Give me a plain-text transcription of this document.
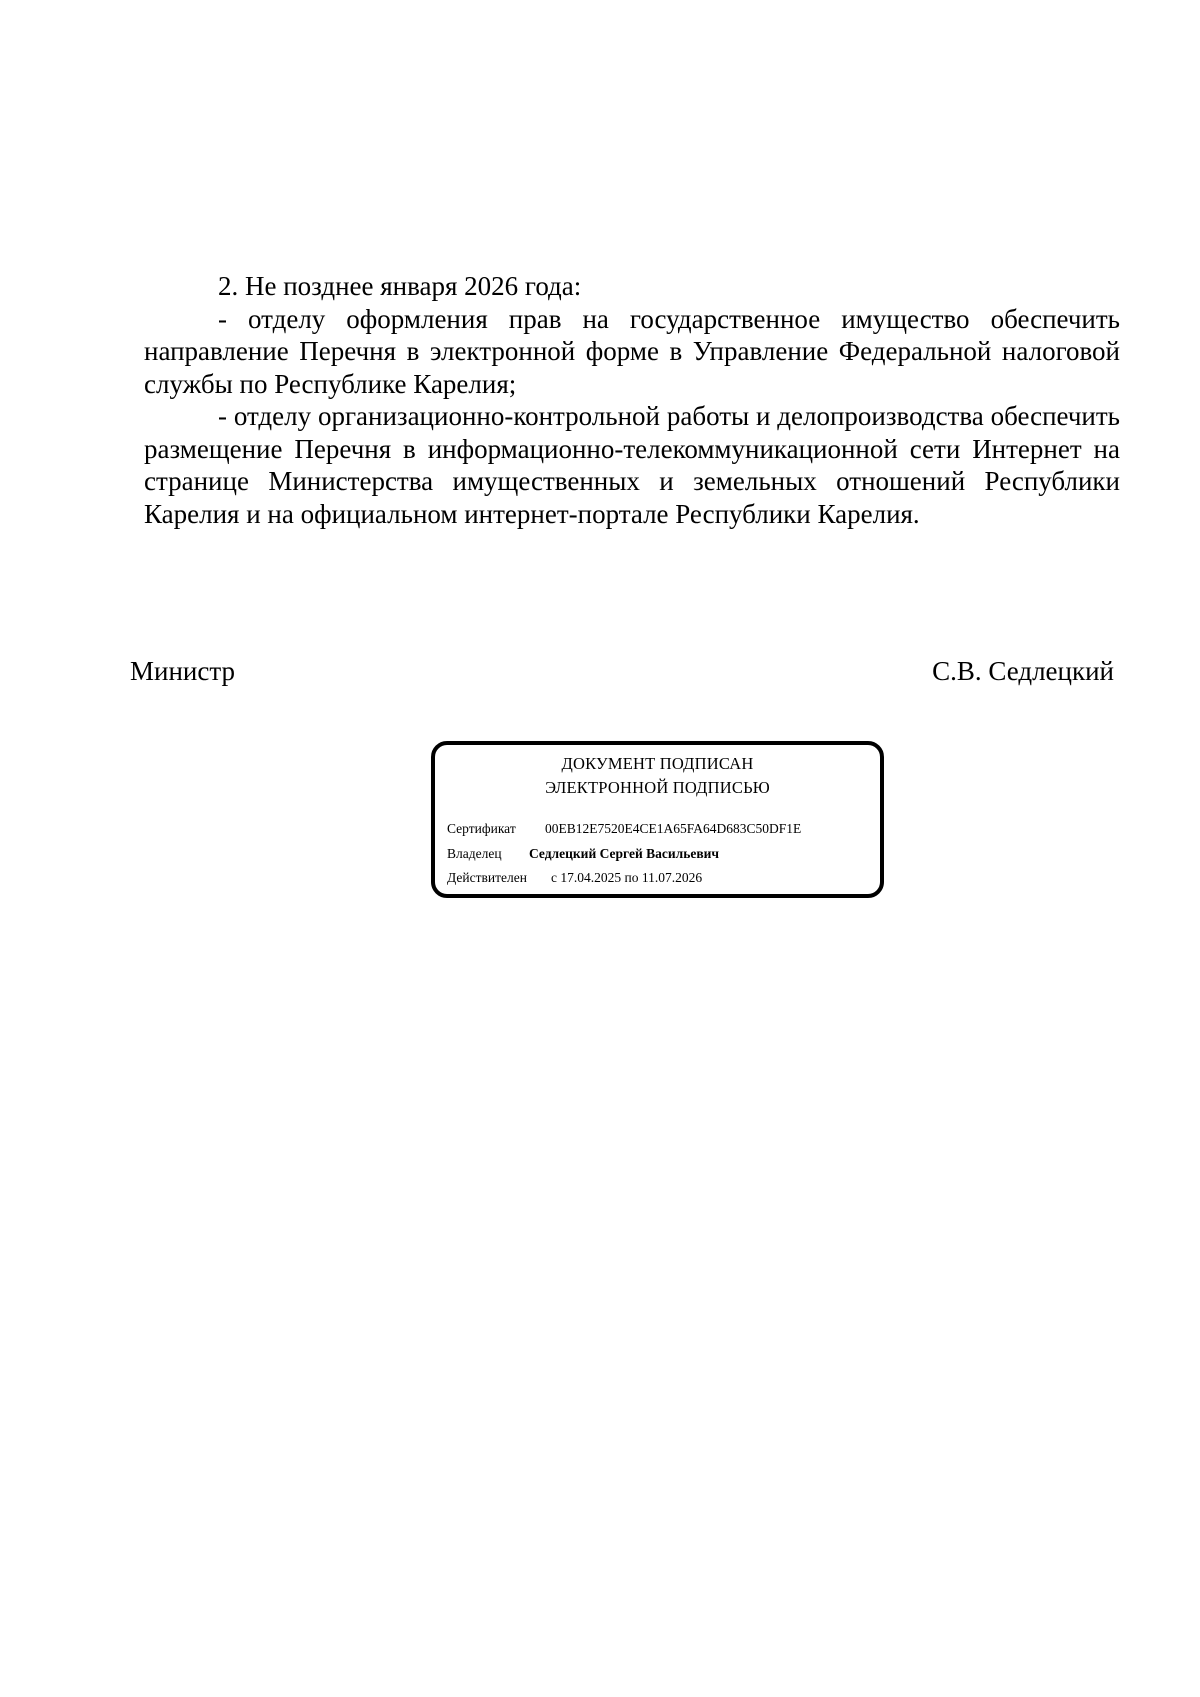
2. Не позднее января 2026 года:

- отделу оформления прав на государственное имущество обеспечить направление Перечня в электронной форме в Управление Федеральной налоговой службы по Республике Карелия;

- отделу организационно-контрольной работы и делопроизводства обеспечить размещение Перечня в информационно-телекоммуникационной сети Интернет на странице Министерства имущественных и земельных отношений Республики Карелия и на официальном интернет-портале Республики Карелия.

Министр	С.В. Седлецкий
ДОКУМЕНТ ПОДПИСАН
ЭЛЕКТРОННОЙ ПОДПИСЬЮ
Сертификат 00EB12E7520E4CE1A65FA64D683C50DF1E
Владелец Седлецкий Сергей Васильевич
Действителен с 17.04.2025 по 11.07.2026
